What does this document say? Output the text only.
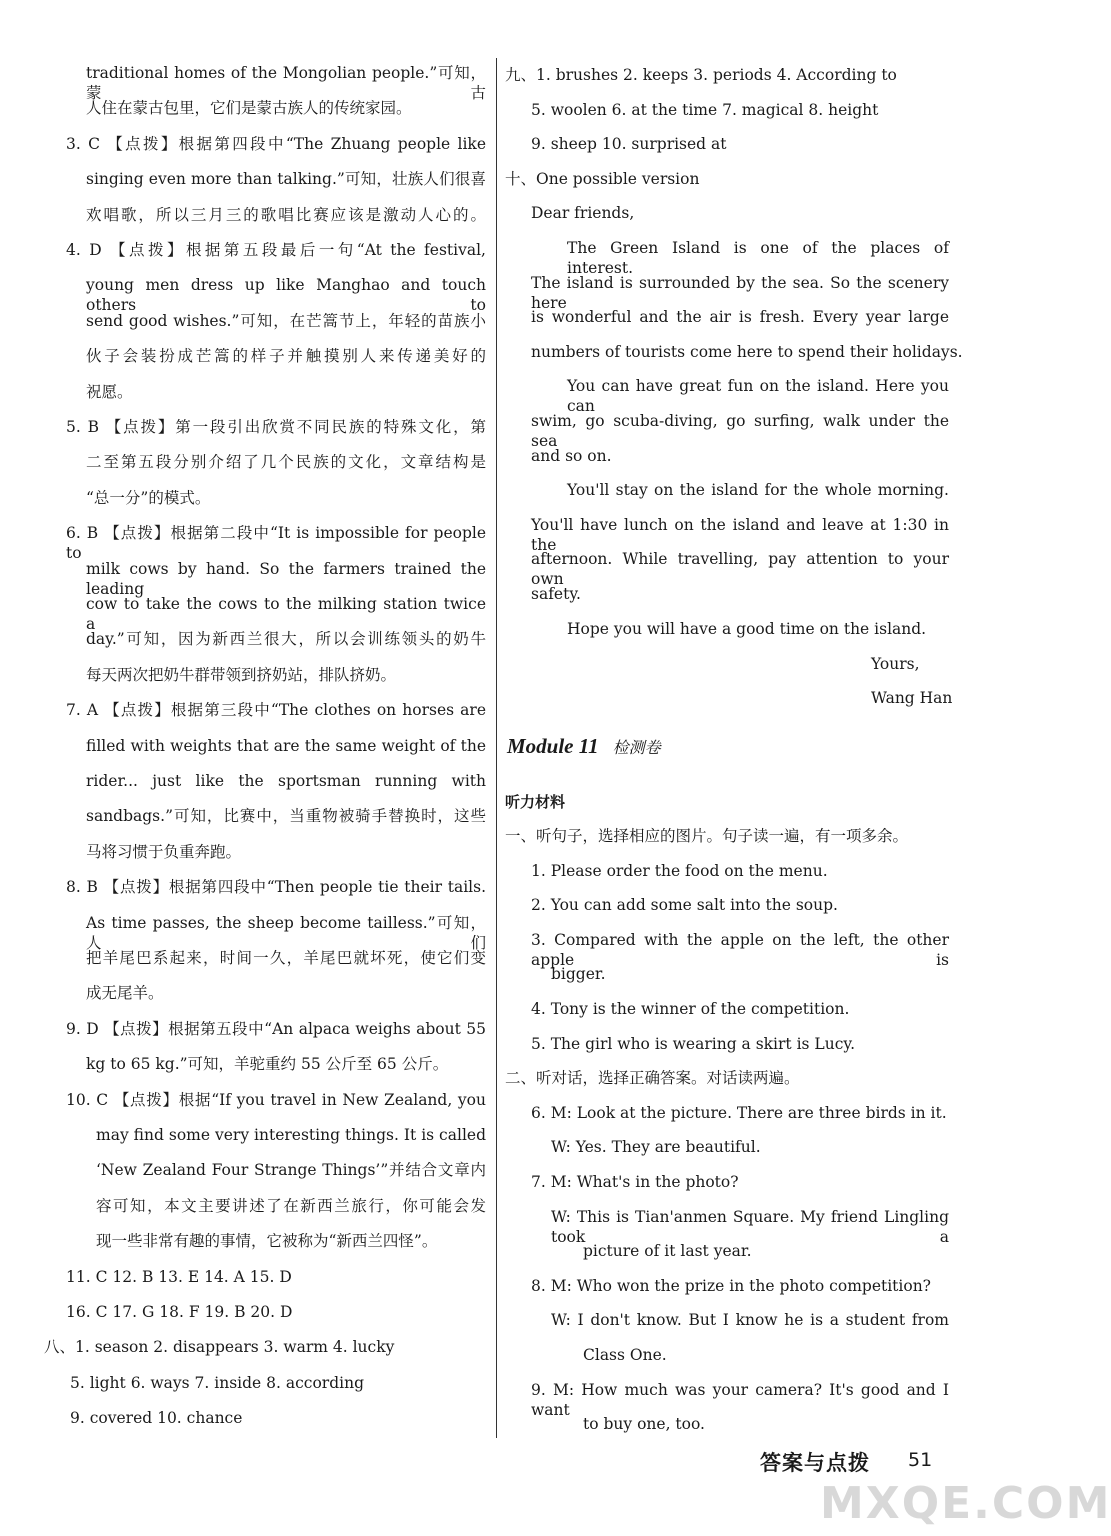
traditional homes of the Mongolian people.”可知，蒙古
人住在蒙古包里，它们是蒙古族人的传统家园。
3. C 【点拨】根据第四段中“The Zhuang people like
singing even more than talking.”可知，壮族人们很喜
欢唱歌，所以三月三的歌唱比赛应该是激动人心的。
4. D 【点拨】根据第五段最后一句“At the festival,
young men dress up like Manghao and touch others to
send good wishes.”可知，在芒篙节上，年轻的苗族小
伙子会装扮成芒篙的样子并触摸别人来传递美好的
祝愿。
5. B 【点拨】第一段引出欣赏不同民族的特殊文化，第
二至第五段分别介绍了几个民族的文化，文章结构是
“总一分”的模式。
6. B 【点拨】根据第二段中“It is impossible for people to
milk cows by hand. So the farmers trained the leading
cow to take the cows to the milking station twice a
day.”可知，因为新西兰很大，所以会训练领头的奶牛
每天两次把奶牛群带领到挤奶站，排队挤奶。
7. A 【点拨】根据第三段中“The clothes on horses are
filled with weights that are the same weight of the
rider... just like the sportsman running with
sandbags.”可知，比赛中，当重物被骑手替换时，这些
马将习惯于负重奔跑。
8. B 【点拨】根据第四段中“Then people tie their tails.
As time passes, the sheep become tailless.”可知，人们
把羊尾巴系起来，时间一久，羊尾巴就坏死，使它们变
成无尾羊。
9. D 【点拨】根据第五段中“An alpaca weighs about 55
kg to 65 kg.”可知，羊驼重约 55 公斤至 65 公斤。
10. C 【点拨】根据“If you travel in New Zealand, you
may find some very interesting things. It is called
‘New Zealand Four Strange Things’”并结合文章内
容可知，本文主要讲述了在新西兰旅行，你可能会发
现一些非常有趣的事情，它被称为“新西兰四怪”。
11. C 12. B 13. E 14. A 15. D
16. C 17. G 18. F 19. B 20. D
八、1. season 2. disappears 3. warm 4. lucky
5. light 6. ways 7. inside 8. according
9. covered 10. chance
Yours,
Wang Han
Module 11 检测卷
听力材料
九、1. brushes 2. keeps 3. periods 4. According to
5. woolen 6. at the time 7. magical 8. height
9. sheep 10. surprised at
十、One possible version
Dear friends,
The Green Island is one of the places of interest.
The island is surrounded by the sea. So the scenery here
is wonderful and the air is fresh. Every year large
numbers of tourists come here to spend their holidays.
You can have great fun on the island. Here you can
swim, go scuba-diving, go surfing, walk under the sea
and so on.
You'll stay on the island for the whole morning.
You'll have lunch on the island and leave at 1:30 in the
afternoon. While travelling, pay attention to your own
safety.
Hope you will have a good time on the island.
一、听句子，选择相应的图片。句子读一遍，有一项多余。
1. Please order the food on the menu.
2. You can add some salt into the soup.
3. Compared with the apple on the left, the other apple is
bigger.
4. Tony is the winner of the competition.
5. The girl who is wearing a skirt is Lucy.
二、听对话，选择正确答案。对话读两遍。
6. M: Look at the picture. There are three birds in it.
W: Yes. They are beautiful.
7. M: What's in the photo?
W: This is Tian'anmen Square. My friend Lingling took a
picture of it last year.
8. M: Who won the prize in the photo competition?
W: I don't know. But I know he is a student from
Class One.
9. M: How much was your camera? It's good and I want
to buy one, too.
答案与点拨 51
MXQE.COM
